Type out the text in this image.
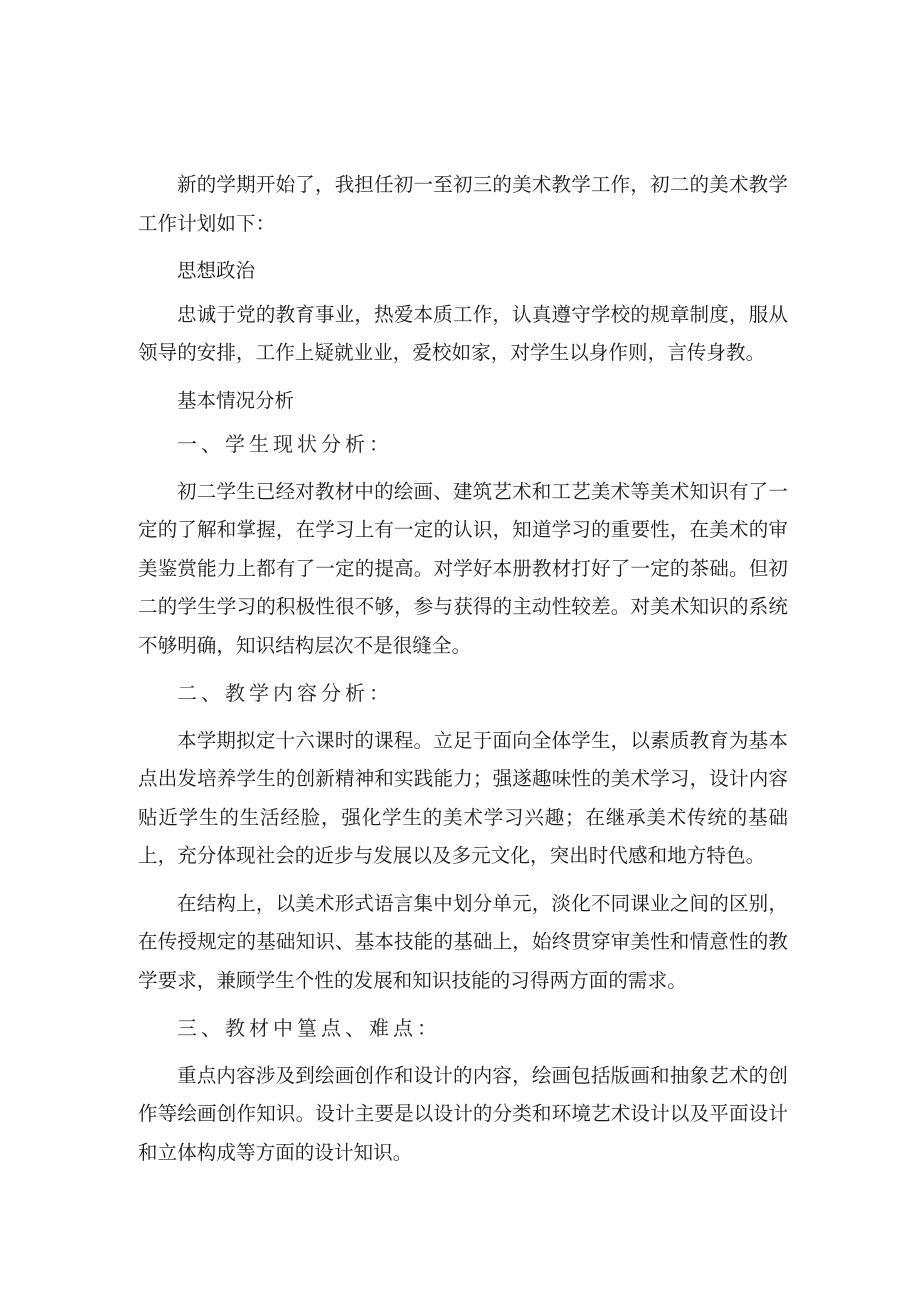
新的学期开始了，我担任初一至初三的美术教学工作，初二的美术教学工作计划如下：

思想政治

忠诚于党的教育事业，热爱本质工作，认真遵守学校的规章制度，服从领导的安排，工作上疑就业业，爱校如家，对学生以身作则，言传身教。

基本情况分析

一、学生现状分析：

初二学生已经对教材中的绘画、建筑艺术和工艺美术等美术知识有了一定的了解和掌握，在学习上有一定的认识，知道学习的重要性，在美术的审美鉴赏能力上都有了一定的提高。对学好本册教材打好了一定的茶础。但初二的学生学习的积极性很不够，参与获得的主动性较差。对美术知识的系统不够明确，知识结构层次不是很缝全。

二、教学内容分析：

本学期拟定十六课时的课程。立足于面向全体学生，以素质教育为基本点出发培养学生的创新精神和实践能力；强遂趣味性的美术学习，设计内容贴近学生的生活经脸，强化学生的美术学习兴趣；在继承美术传统的基础上，充分体现社会的近步与发展以及多元文化，突出时代感和地方特色。

在结构上，以美术形式语言集中划分单元，淡化不同课业之间的区别，在传授规定的基础知识、基本技能的基础上，始终贯穿审美性和情意性的教学要求，兼顾学生个性的发展和知识技能的习得两方面的需求。

三、教材中篁点、难点：

重点内容涉及到绘画创作和设计的内容，绘画包括版画和抽象艺术的创作等绘画创作知识。设计主要是以设计的分类和环境艺术设计以及平面设计和立体构成等方面的设计知识。
